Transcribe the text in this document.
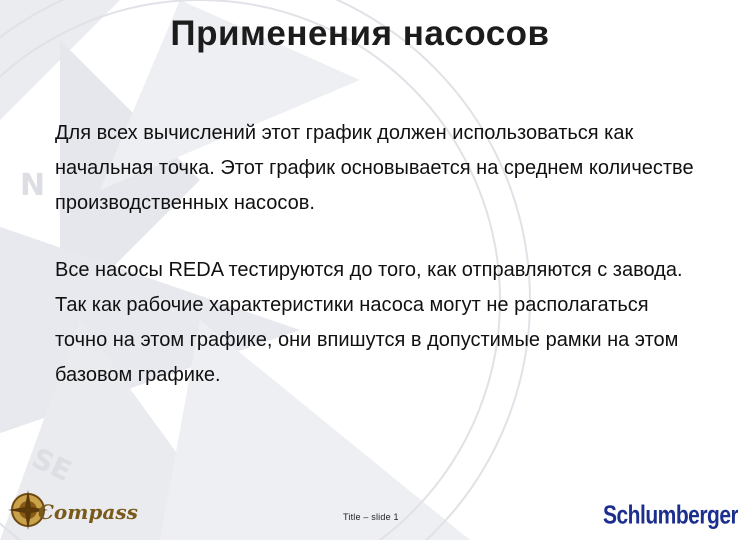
N
SE
Применения насосов

Для всех вычислений этот график должен использоваться как начальная точка. Этот график основывается на среднем количестве производственных насосов.

Все насосы REDA тестируются до того, как отправляются с завода. Так как рабочие характеристики насоса могут не располагаться точно на этом графике, они впишутся в допустимые рамки на этом базовом графике.

Compass	Title – slide 1	Schlumberger
